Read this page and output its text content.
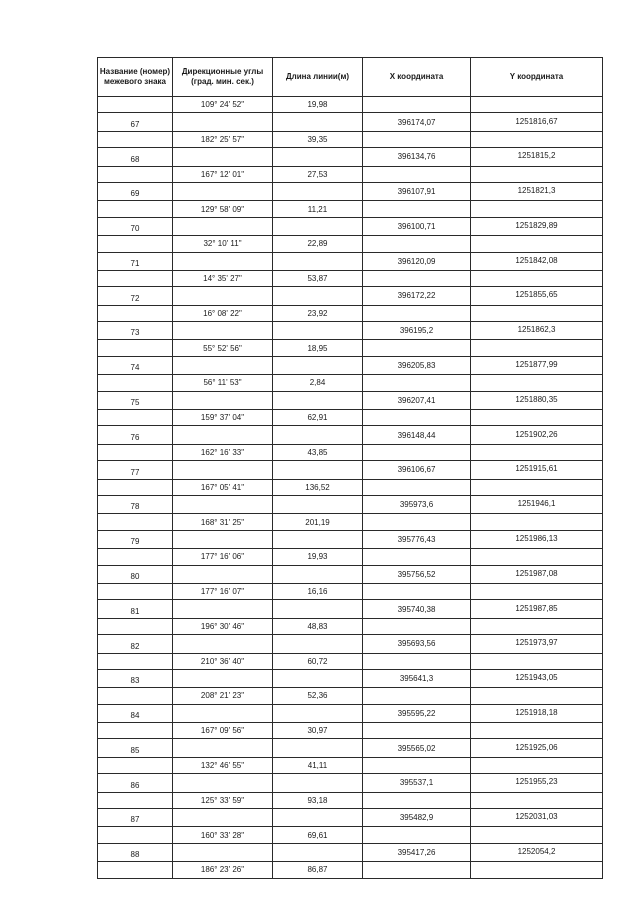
Название (номер) межевого знака	Дирекционные углы (град. мин. сек.)	Длина линии(м)	X координата	Y координата
	109° 24' 52"	19,98		
67			396174,07	1251816,67
	182° 25' 57"	39,35		
68			396134,76	1251815,2
	167° 12' 01"	27,53		
69			396107,91	1251821,3
	129° 58' 09"	11,21		
70			396100,71	1251829,89
	32° 10' 11"	22,89		
71			396120,09	1251842,08
	14° 35' 27"	53,87		
72			396172,22	1251855,65
	16° 08' 22"	23,92		
73			396195,2	1251862,3
	55° 52' 56"	18,95		
74			396205,83	1251877,99
	56° 11' 53"	2,84		
75			396207,41	1251880,35
	159° 37' 04"	62,91		
76			396148,44	1251902,26
	162° 16' 33"	43,85		
77			396106,67	1251915,61
	167° 05' 41"	136,52		
78			395973,6	1251946,1
	168° 31' 25"	201,19		
79			395776,43	1251986,13
	177° 16' 06"	19,93		
80			395756,52	1251987,08
	177° 16' 07"	16,16		
81			395740,38	1251987,85
	196° 30' 46"	48,83		
82			395693,56	1251973,97
	210° 36' 40"	60,72		
83			395641,3	1251943,05
	208° 21' 23"	52,36		
84			395595,22	1251918,18
	167° 09' 56"	30,97		
85			395565,02	1251925,06
	132° 46' 55"	41,11		
86			395537,1	1251955,23
	125° 33' 59"	93,18		
87			395482,9	1252031,03
	160° 33' 28"	69,61		
88			395417,26	1252054,2
	186° 23' 26"	86,87		
